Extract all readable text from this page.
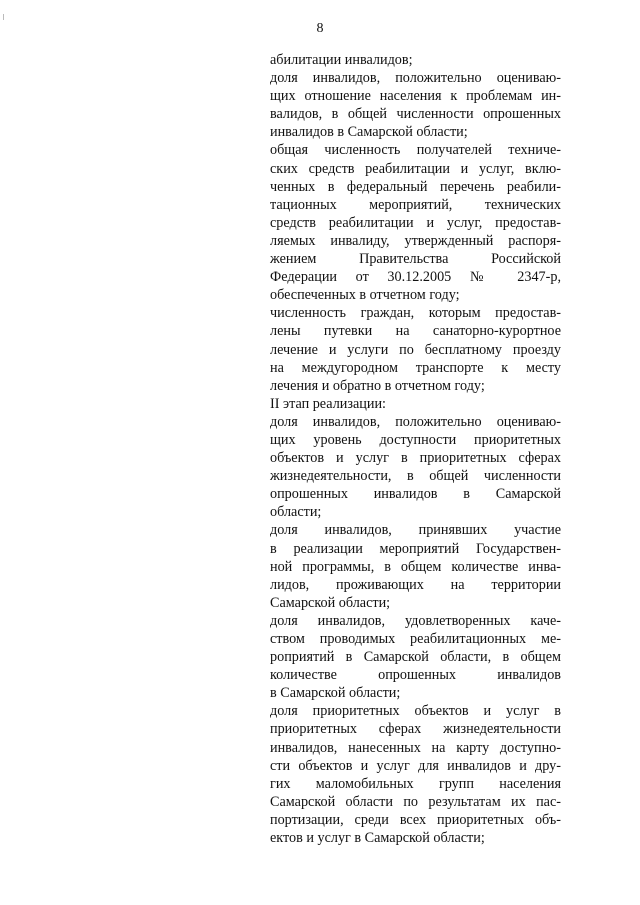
8
абилитации инвалидов;
доля инвалидов, положительно оцениваю-
щих отношение населения к проблемам ин-
валидов, в общей численности опрошенных
инвалидов в Самарской области;
общая численность получателей техниче-
ских средств реабилитации и услуг, вклю-
ченных в федеральный перечень реабили-
тационных мероприятий, технических
средств реабилитации и услуг, предостав-
ляемых инвалиду, утвержденный распоря-
жением Правительства Российской
Федерации от 30.12.2005 № 2347-р,
обеспеченных в отчетном году;
численность граждан, которым предостав-
лены путевки на санаторно-курортное
лечение и услуги по бесплатному проезду
на междугородном транспорте к месту
лечения и обратно в отчетном году;
II этап реализации:
доля инвалидов, положительно оцениваю-
щих уровень доступности приоритетных
объектов и услуг в приоритетных сферах
жизнедеятельности, в общей численности
опрошенных инвалидов в Самарской
области;
доля инвалидов, принявших участие
в реализации мероприятий Государствен-
ной программы, в общем количестве инва-
лидов, проживающих на территории
Самарской области;
доля инвалидов, удовлетворенных каче-
ством проводимых реабилитационных ме-
роприятий в Самарской области, в общем
количестве опрошенных инвалидов
в Самарской области;
доля приоритетных объектов и услуг в
приоритетных сферах жизнедеятельности
инвалидов, нанесенных на карту доступно-
сти объектов и услуг для инвалидов и дру-
гих маломобильных групп населения
Самарской области по результатам их пас-
портизации, среди всех приоритетных объ-
ектов и услуг в Самарской области;
